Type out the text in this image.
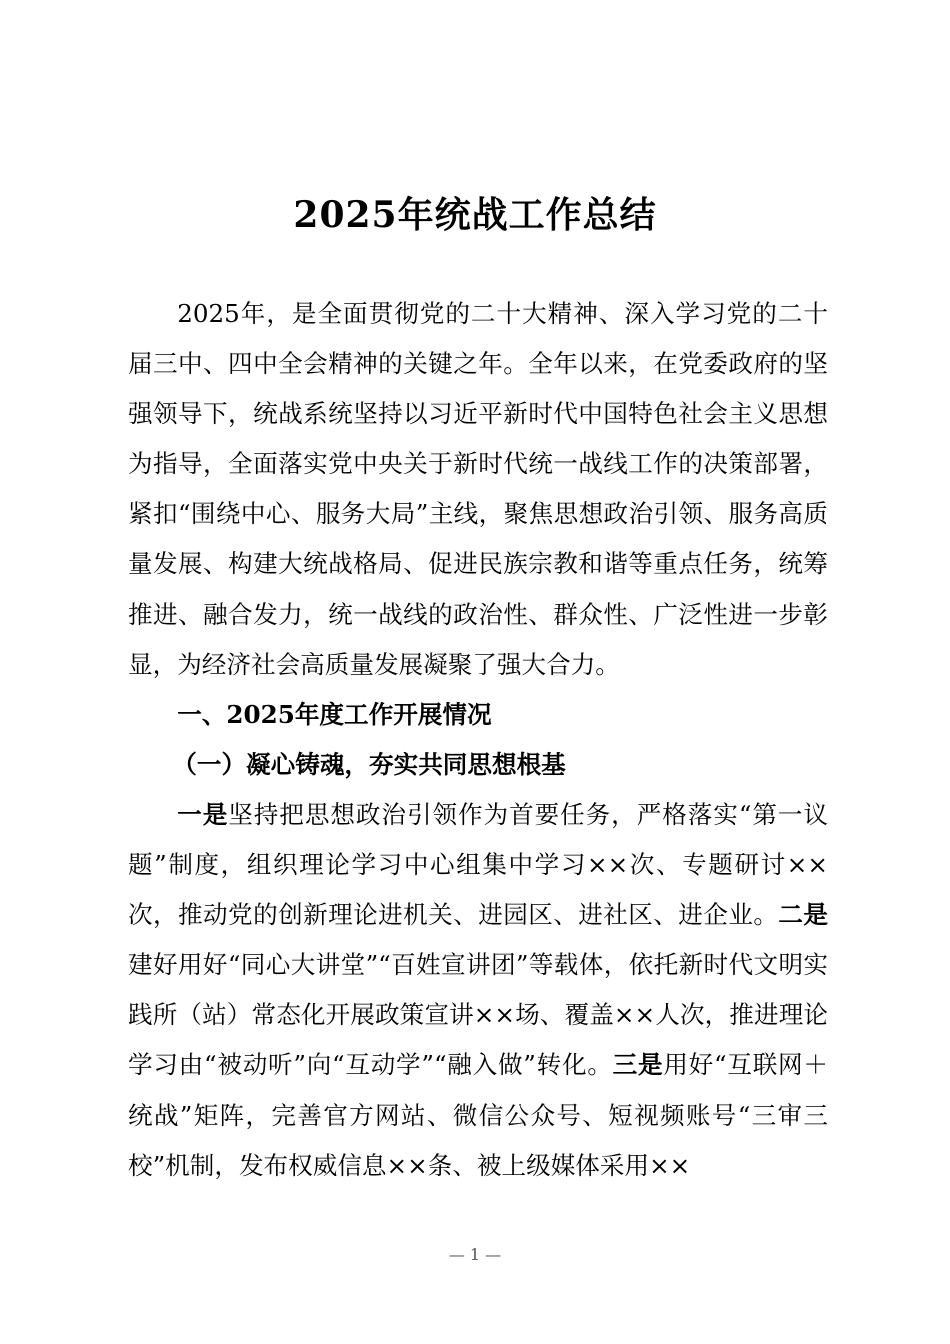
2025年统战工作总结

2025年，是全面贯彻党的二十大精神、深入学习党的二十届三中、四中全会精神的关键之年。全年以来，在党委政府的坚强领导下，统战系统坚持以习近平新时代中国特色社会主义思想为指导，全面落实党中央关于新时代统一战线工作的决策部署，紧扣“围绕中心、服务大局”主线，聚焦思想政治引领、服务高质量发展、构建大统战格局、促进民族宗教和谐等重点任务，统筹推进、融合发力，统一战线的政治性、群众性、广泛性进一步彰显，为经济社会高质量发展凝聚了强大合力。

一、2025年度工作开展情况

（一）凝心铸魂，夯实共同思想根基

一是坚持把思想政治引领作为首要任务，严格落实“第一议题”制度，组织理论学习中心组集中学习××次、专题研讨××次，推动党的创新理论进机关、进园区、进社区、进企业。二是建好用好“同心大讲堂”“百姓宣讲团”等载体，依托新时代文明实践所（站）常态化开展政策宣讲××场、覆盖××人次，推进理论学习由“被动听”向“互动学”“融入做”转化。三是用好“互联网＋统战”矩阵，完善官方网站、微信公众号、短视频账号“三审三校”机制，发布权威信息××条、被上级媒体采用××

— 1 —
